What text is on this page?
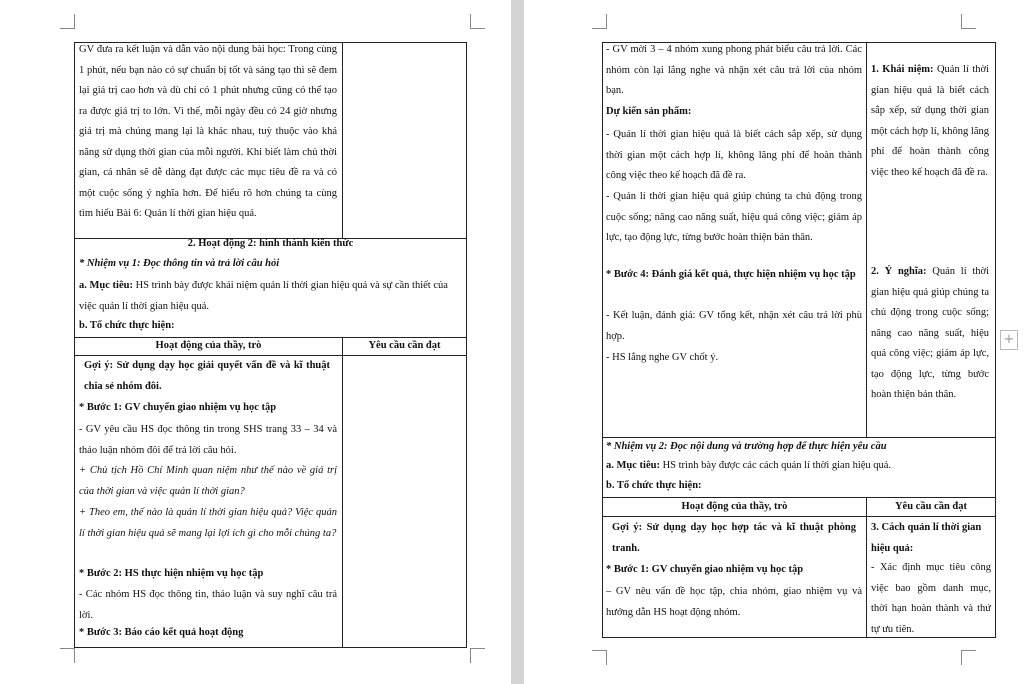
GV đưa ra kết luận và dẫn vào nội dung bài học: Trong cùng 1 phút, nếu bạn nào có sự chuẩn bị tốt và sáng tạo thì sẽ đem lại giá trị cao hơn và dù chỉ có 1 phút nhưng cũng có thể tạo ra được giá trị to lớn. Vì thế, mỗi ngày đều có 24 giờ nhưng giá trị mà chúng mang lại là khác nhau, tuỳ thuộc vào khả năng sử dụng thời gian của mỗi người. Khi biết làm chủ thời gian, cá nhân sẽ dễ dàng đạt được các mục tiêu đề ra và có một cuộc sống ý nghĩa hơn. Để hiểu rõ hơn chúng ta cùng tìm hiểu Bài 6: Quản lí thời gian hiệu quả.

2. Hoạt động 2: hình thành kiến thức

* Nhiệm vụ 1: Đọc thông tin và trả lời câu hỏi

a. Mục tiêu: HS trình bày được khái niệm quản lí thời gian hiệu quả và sự cần thiết của việc quản lí thời gian hiệu quả.

b. Tổ chức thực hiện:

Hoạt động của thầy, trò	Yêu cầu cần đạt

Gợi ý: Sử dụng dạy học giải quyết vấn đề và kĩ thuật chia sẻ nhóm đôi.

* Bước 1: GV chuyển giao nhiệm vụ học tập

- GV yêu cầu HS đọc thông tin trong SHS trang 33 – 34 và thảo luận nhóm đôi để trả lời câu hỏi.

+ Chủ tịch Hồ Chí Minh quan niệm như thế nào về giá trị của thời gian và việc quản lí thời gian?

+ Theo em, thế nào là quản lí thời gian hiệu quả? Việc quản lí thời gian hiệu quả sẽ mang lại lợi ích gì cho mỗi chúng ta?

* Bước 2: HS thực hiện nhiệm vụ học tập

- Các nhóm HS đọc thông tin, thảo luận và suy nghĩ câu trả lời.

* Bước 3: Báo cáo kết quả hoạt động

- GV mời 3 – 4 nhóm xung phong phát biểu câu trả lời. Các nhóm còn lại lắng nghe và nhận xét câu trả lời của nhóm bạn.

Dự kiến sản phẩm:

- Quản lí thời gian hiệu quả là biết cách sắp xếp, sử dụng thời gian một cách hợp lí, không lãng phí để hoàn thành công việc theo kế hoạch đã đề ra.

- Quản lí thời gian hiệu quả giúp chúng ta chủ động trong cuộc sống; nâng cao năng suất, hiệu quả công việc; giảm áp lực, tạo động lực, từng bước hoàn thiện bản thân.

* Bước 4: Đánh giá kết quả, thực hiện nhiệm vụ học tập

- Kết luận, đánh giá: GV tổng kết, nhận xét câu trả lời phù hợp.

- HS lắng nghe GV chốt ý.

1. Khái niệm: Quản lí thời gian hiệu quả là biết cách sắp xếp, sử dụng thời gian một cách hợp lí, không lãng phí để hoàn thành công việc theo kế hoạch đã đề ra.

2. Ý nghĩa: Quản lí thời gian hiệu quả giúp chúng ta chủ động trong cuộc sống; nâng cao năng suất, hiệu quả công việc; giảm áp lực, tạo động lực, từng bước hoàn thiện bản thân.

* Nhiệm vụ 2: Đọc nội dung và trường hợp để thực hiện yêu cầu

a. Mục tiêu: HS trình bày được các cách quản lí thời gian hiệu quả.

b. Tổ chức thực hiện:

Hoạt động của thầy, trò	Yêu cầu cần đạt

Gợi ý: Sử dụng dạy học hợp tác và kĩ thuật phòng tranh.

* Bước 1: GV chuyển giao nhiệm vụ học tập

– GV nêu vấn đề học tập, chia nhóm, giao nhiệm vụ và hướng dẫn HS hoạt động nhóm.

3. Cách quản lí thời gian hiệu quả:

- Xác định mục tiêu công việc bao gồm danh mục, thời hạn hoàn thành và thứ tự ưu tiên.

+
